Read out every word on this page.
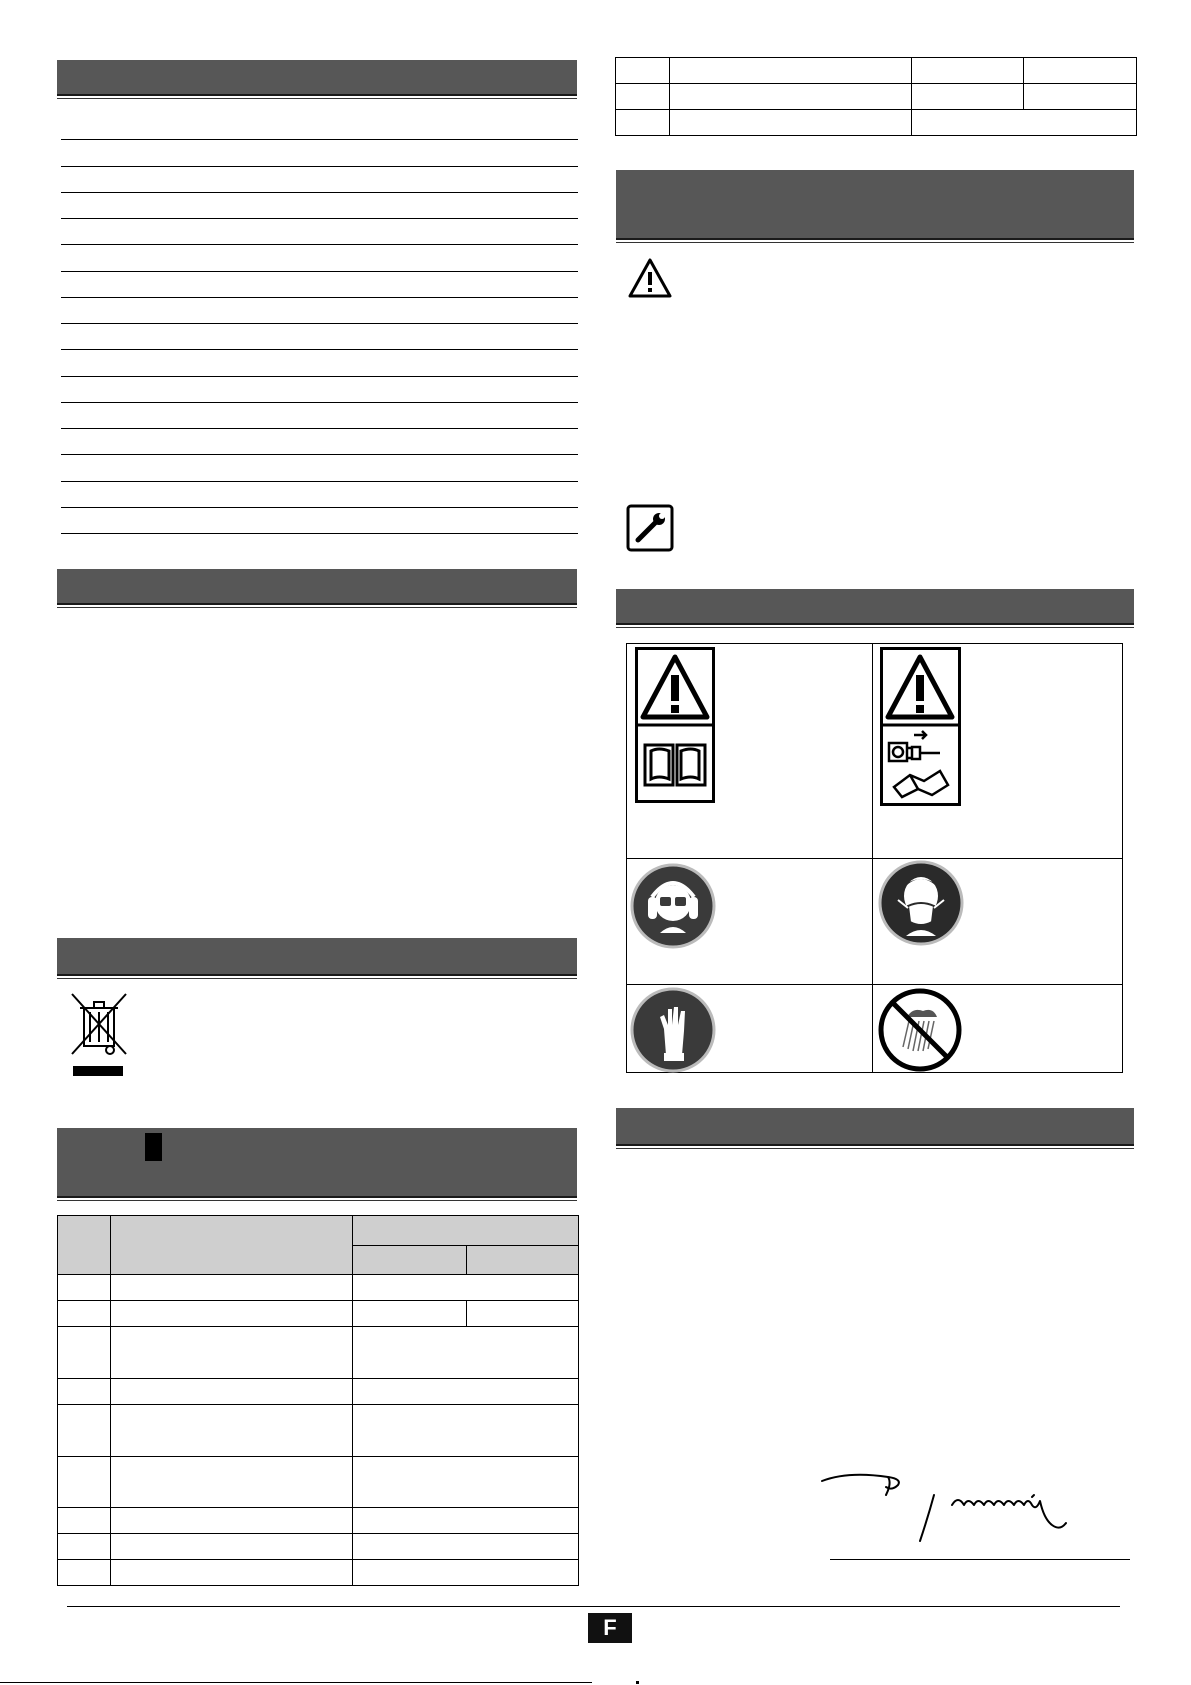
F
